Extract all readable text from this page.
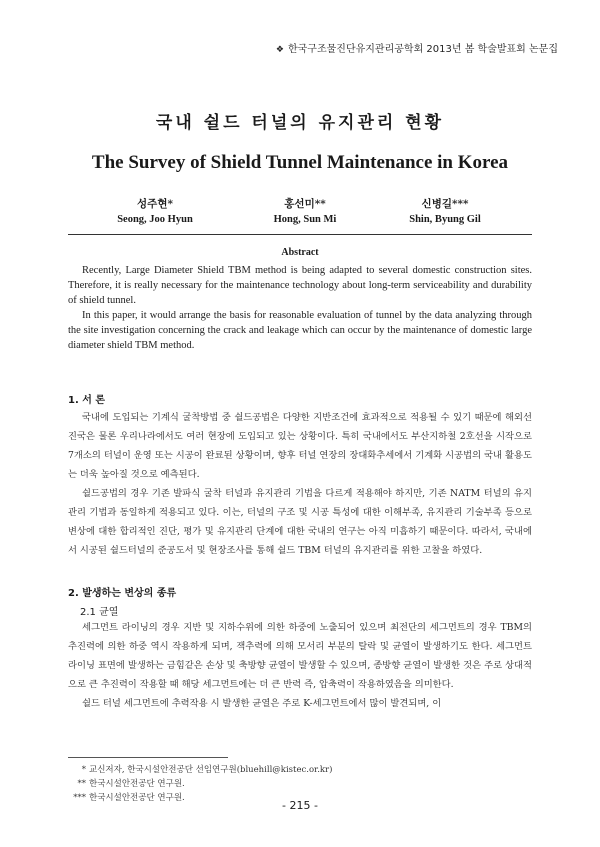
❖ 한국구조물진단유지관리공학회 2013년 봄 학술발표회 논문집
국내 쉴드 터널의 유지관리 현황
The Survey of Shield Tunnel Maintenance in Korea
성주현*
Seong, Joo Hyun
홍선미**
Hong, Sun Mi
신병길***
Shin, Byung Gil
Abstract

Recently, Large Diameter Shield TBM method is being adapted to several domestic construction sites. Therefore, it is really necessary for the maintenance technology about long-term serviceability and durability of shield tunnel.

In this paper, it would arrange the basis for reasonable evaluation of tunnel by the data analyzing through the site investigation concerning the crack and leakage which can occur by the maintenance of domestic large diameter shield TBM method.

1. 서 론

국내에 도입되는 기계식 굴착방법 중 쉴드공법은 다양한 지반조건에 효과적으로 적용될 수 있기 때문에 해외선진국은 물론 우리나라에서도 여러 현장에 도입되고 있는 상황이다. 특히 국내에서도 부산지하철 2호선을 시작으로 7개소의 터널이 운영 또는 시공이 완료된 상황이며, 향후 터널 연장의 장대화추세에서 기계화 시공법의 국내 활용도는 더욱 높아질 것으로 예측된다.

쉴드공법의 경우 기존 발파식 굴착 터널과 유지관리 기법을 다르게 적용해야 하지만, 기존 NATM 터널의 유지관리 기법과 동일하게 적용되고 있다. 이는, 터널의 구조 및 시공 특성에 대한 이해부족, 유지관리 기술부족 등으로 변상에 대한 합리적인 진단, 평가 및 유지관리 단계에 대한 국내의 연구는 아직 미흡하기 때문이다. 따라서, 국내에서 시공된 쉴드터널의 준공도서 및 현장조사를 통해 쉴드 TBM 터널의 유지관리를 위한 고찰을 하였다.

2. 발생하는 변상의 종류
2.1 균열

세그먼트 라이닝의 경우 지반 및 지하수위에 의한 하중에 노출되어 있으며 최전단의 세그먼트의 경우 TBM의 추진력에 의한 하중 역시 작용하게 되며, 잭추력에 의해 모서리 부분의 탈락 및 균열이 발생하기도 한다. 세그먼트 라이닝 표면에 발생하는 금힘같은 손상 및 축방향 균열이 발생할 수 있으며, 종방향 균열이 발생한 것은 주로 상대적으로 큰 추진력이 작용할 때 해당 세그먼트에는 더 큰 반력 즉, 압축력이 작용하였음을 의미한다.

쉴드 터널 세그먼트에 추력작용 시 발생한 균열은 주로 K-세그먼트에서 많이 발견되며, 이

* 교신저자, 한국시설안전공단 선임연구원(bluehill@kistec.or.kr)
** 한국시설안전공단 연구원.
*** 한국시설안전공단 연구원.
- 215 -
